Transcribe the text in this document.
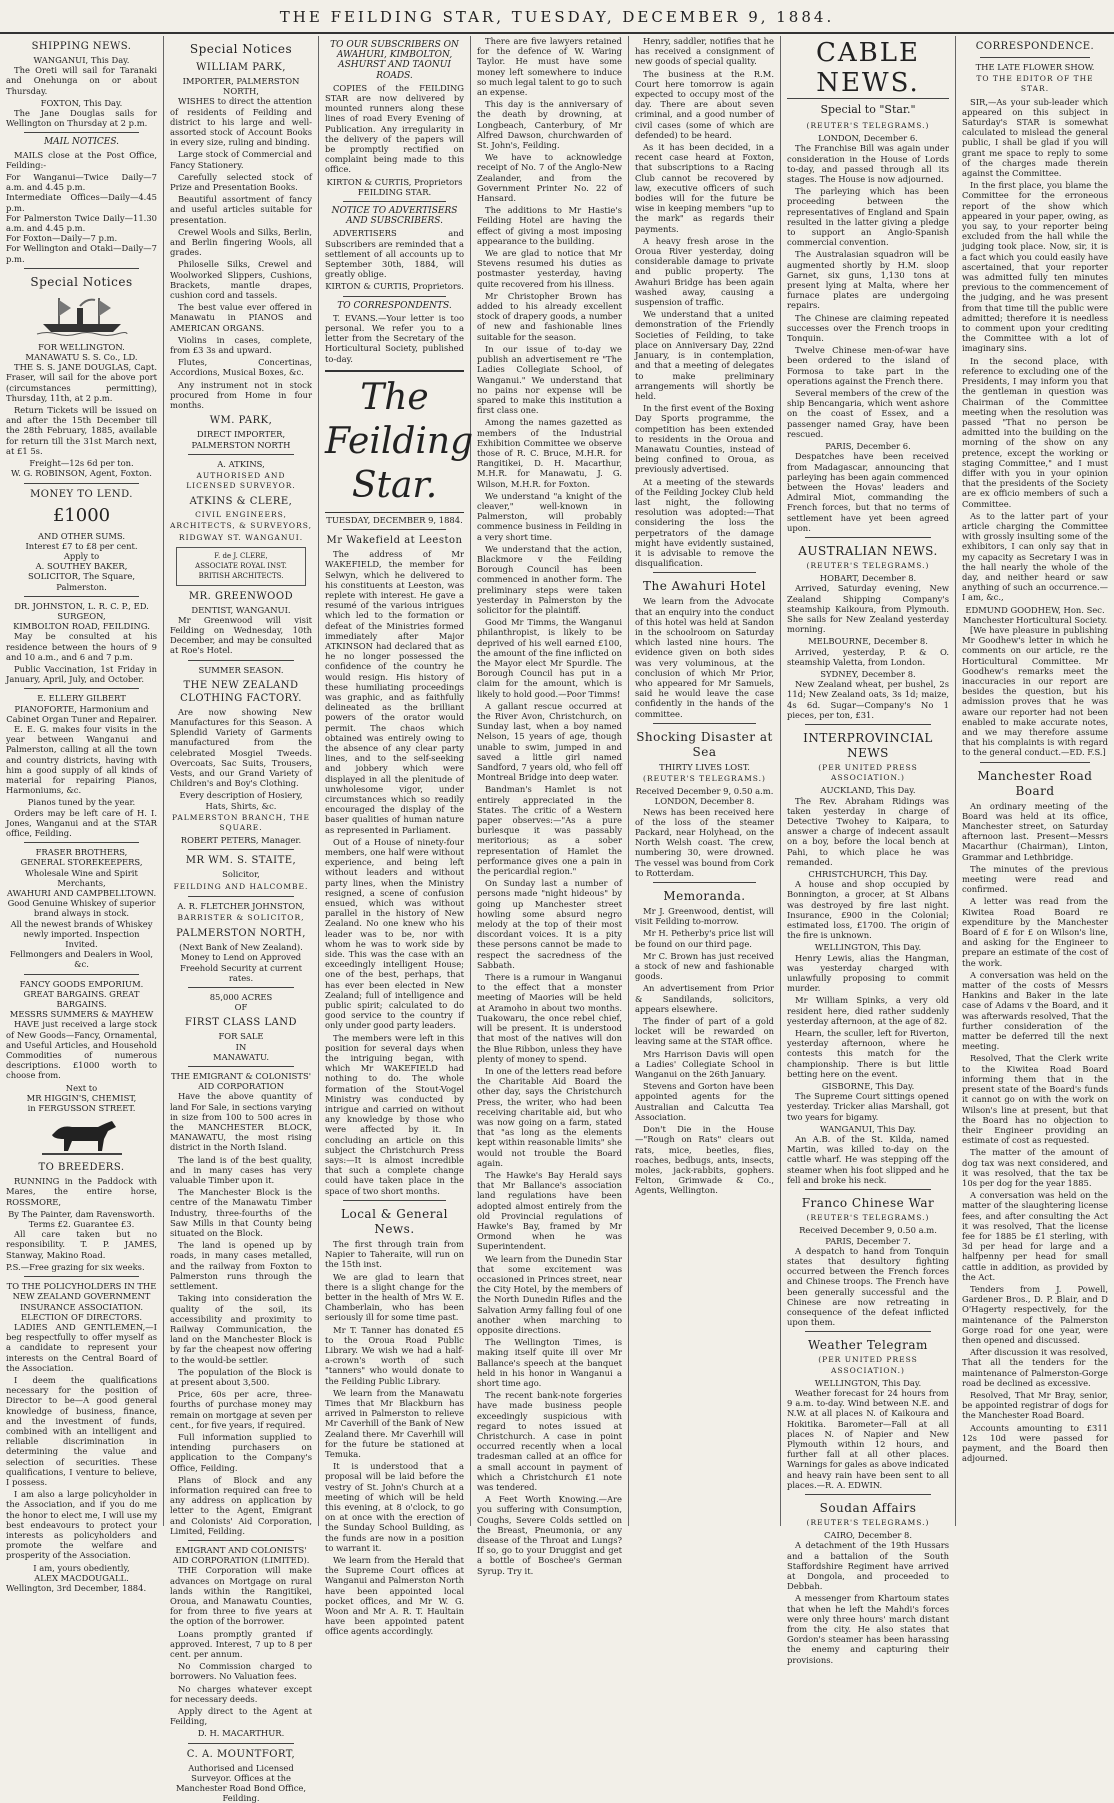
THE FEILDING STAR, TUESDAY, DECEMBER 9, 1884.
SHIPPING NEWS.
WANGANUI, This Day.
The Oreti will sail for Taranaki and Onehunga on or about Thursday.
FOXTON, This Day.
The Jane Douglas sails for Wellington on Thursday at 2 p.m.
MAIL NOTICES.
MAILS close at the Post Office, Feilding:-
For Wanganui—Twice Daily—7 a.m. and 4.45 p.m.
Intermediate Offices—Daily—4.45 p.m.
For Palmerston Twice Daily—11.30 a.m. and 4.45 p.m.
For Foxton—Daily—7 p.m.
For Wellington and Otaki—Daily—7 p.m.
Special Notices
FOR WELLINGTON.
MANAWATU S. S. Co., LD.
THE S. S. JANE DOUGLAS, Capt. Fraser, will sail for the above port (circumstances permitting), Thursday, 11th, at 2 p.m.
Return Tickets will be issued on and after the 15th December till the 28th February, 1885, available for return till the 31st March next, at £1 5s.
Freight—12s 6d per ton.
W. G. ROBINSON, Agent, Foxton.
MONEY TO LEND.
£1000
AND OTHER SUMS.
Interest £7 to £8 per cent.
Apply to
A. SOUTHEY BAKER,
SOLICITOR, The Square, Palmerston.
DR. JOHNSTON, L. R. C. P., ED. SURGEON,
KIMBOLTON ROAD, FEILDING.
May be consulted at his residence between the hours of 9 and 10 a.m., and 6 and 7 p.m.
Public Vaccination, 1st Friday in January, April, July, and October.
E. ELLERY GILBERT
PIANOFORTE, Harmonium and Cabinet Organ Tuner and Repairer.
E. E. G. makes four visits in the year between Wanganui and Palmerston, calling at all the town and country districts, having with him a good supply of all kinds of material for repairing Pianos, Harmoniums, &c.
Pianos tuned by the year.
Orders may be left care of H. I. Jones, Wanganui and at the STAR office, Feilding.
FRASER BROTHERS,
GENERAL STOREKEEPERS, Wholesale Wine and Spirit Merchants,
AWAHURI AND CAMPBELLTOWN. Good Genuine Whiskey of superior brand always in stock.
All the newest brands of Whiskey newly imported. Inspection Invited.
Fellmongers and Dealers in Wool, &c.
FANCY GOODS EMPORIUM.
GREAT BARGAINS. GREAT BARGAINS.
MESSRS SUMMERS & MAYHEW
HAVE just received a large stock of New Goods—Fancy, Ornamental, and Useful Articles, and Household Commodities of numerous descriptions. £1000 worth to choose from.
Next to
MR HIGGIN'S, CHEMIST,
in FERGUSSON STREET.
TO BREEDERS.
RUNNING in the Paddock with Mares, the entire horse, ROSSMORE,
By The Painter, dam Ravensworth.
Terms £2. Guarantee £3.
All care taken but no responsibility. T. P. JAMES, Stanway, Makino Road.
P.S.—Free grazing for six weeks.
TO THE POLICYHOLDERS IN THE NEW ZEALAND GOVERNMENT INSURANCE ASSOCIATION.
ELECTION OF DIRECTORS.
LADIES AND GENTLEMEN,—I beg respectfully to offer myself as a candidate to represent your interests on the Central Board of the Association.
I deem the qualifications necessary for the position of Director to be—A good general knowledge of business, finance, and the investment of funds, combined with an intelligent and reliable discrimination in determining the value and selection of securities. These qualifications, I venture to believe, I possess.
I am also a large policyholder in the Association, and if you do me the honor to elect me, I will use my best endeavours to protect your interests as policyholders and promote the welfare and prosperity of the Association.
I am, yours obediently,
ALEX MACDOUGALL.
Wellington, 3rd December, 1884.
Special Notices
WILLIAM PARK,
IMPORTER, PALMERSTON NORTH,
WISHES to direct the attention of residents of Feilding and district to his large and well-assorted stock of Account Books in every size, ruling and binding.
Large stock of Commercial and Fancy Stationery.
Carefully selected stock of Prize and Presentation Books.
Beautiful assortment of fancy and useful articles suitable for presentation.
Crewel Wools and Silks, Berlin, and Berlin fingering Wools, all grades.
Philoselle Silks, Crewel and Woolworked Slippers, Cushions, Brackets, mantle drapes, cushion cord and tassels.
The best value ever offered in Manawatu in PIANOS and AMERICAN ORGANS.
Violins in cases, complete, from £3 3s and upward.
Flutes, Concertinas, Accordions, Musical Boxes, &c.
Any instrument not in stock procured from Home in four months.
WM. PARK,
DIRECT IMPORTER,
PALMERSTON NORTH
A. ATKINS,
AUTHORISED AND LICENSED SURVEYOR.
ATKINS & CLERE,
CIVIL ENGINEERS, ARCHITECTS, & SURVEYORS,
RIDGWAY ST. WANGANUI.
F. de J. CLERE,
ASSOCIATE ROYAL INST. BRITISH ARCHITECTS.
MR. GREENWOOD
DENTIST, WANGANUI.
Mr Greenwood will visit Feilding on Wednesday, 10th December, and may be consulted at Roe's Hotel.
SUMMER SEASON.
THE NEW ZEALAND CLOTHING FACTORY.
Are now showing New Manufactures for this Season. A Splendid Variety of Garments manufactured from the celebrated Mosgiel Tweeds. Overcoats, Sac Suits, Trousers, Vests, and our Grand Variety of Children's and Boy's Clothing.
Every description of Hosiery, Hats, Shirts, &c.
PALMERSTON BRANCH, THE SQUARE.
ROBERT PETERS, Manager.
MR WM. S. STAITE,
Solicitor,
FEILDING AND HALCOMBE.
A. R. FLETCHER JOHNSTON,
BARRISTER & SOLICITOR,
PALMERSTON NORTH,
(Next Bank of New Zealand).
Money to Lend on Approved Freehold Security at current rates.
85,000 ACRES
OF
FIRST CLASS LAND
FOR SALE
IN
MANAWATU.
THE EMIGRANT & COLONISTS' AID CORPORATION
Have the above quantity of land For Sale, in sections varying in size from 100 to 500 acres in the MANCHESTER BLOCK, MANAWATU, the most rising district in the North Island.
The land is of the best quality, and in many cases has very valuable Timber upon it.
The Manchester Block is the centre of the Manawatu Timber Industry, three-fourths of the Saw Mills in that County being situated on the Block.
The land is opened up by roads, in many cases metalled, and the railway from Foxton to Palmerston runs through the settlement.
Taking into consideration the quality of the soil, its accessibility and proximity to Railway Communication, the land on the Manchester Block is by far the cheapest now offering to the would-be settler.
The population of the Block is at present about 3,500.
Price, 60s per acre, three-fourths of purchase money may remain on mortgage at seven per cent., for five years, if required.
Full information supplied to intending purchasers on application to the Company's Office, Feilding.
Plans of Block and any information required can free to any address on application by letter to the Agent, Emigrant and Colonists' Aid Corporation, Limited, Feilding.
EMIGRANT AND COLONISTS' AID CORPORATION (LIMITED).
THE Corporation will make advances on Mortgage on rural lands within the Rangitikei, Oroua, and Manawatu Counties, for from three to five years at the option of the borrower.
Loans promptly granted if approved. Interest, 7 up to 8 per cent. per annum.
No Commission charged to borrowers. No Valuation fees.
No charges whatever except for necessary deeds.
Apply direct to the Agent at Feilding,
D. H. MACARTHUR.
C. A. MOUNTFORT,
Authorised and Licensed Surveyor. Offices at the Manchester Road Bond Office, Feilding.
TO OUR SUBSCRIBERS ON AWAHURI, KIMBOLTON, ASHURST AND TAONUI ROADS.
COPIES of the FEILDING STAR are now delivered by mounted runners along these lines of road Every Evening of Publication. Any irregularity in the delivery of the papers will be promptly rectified on complaint being made to this office.
KIRTON & CURTIS, Proprietors FEILDING STAR.
NOTICE TO ADVERTISERS AND SUBSCRIBERS.
ADVERTISERS and Subscribers are reminded that a settlement of all accounts up to September 30th, 1884, will greatly oblige.
KIRTON & CURTIS, Proprietors.
TO CORRESPONDENTS.
T. EVANS.—Your letter is too personal. We refer you to a letter from the Secretary of the Horticultural Society, published to-day.
The Feilding Star.
TUESDAY, DECEMBER 9, 1884.
Mr Wakefield at Leeston
The address of Mr WAKEFIELD, the member for Selwyn, which he delivered to his constituents at Leeston, was replete with interest. He gave a resumé of the various intrigues which led to the formation or defeat of the Ministries formed immediately after Major ATKINSON had declared that as he no longer possessed the confidence of the country he would resign. His history of these humiliating proceedings was graphic, and as faithfully delineated as the brilliant powers of the orator would permit. The chaos which obtained was entirely owing to the absence of any clear party lines, and to the self-seeking and jobbery which were displayed in all the plenitude of unwholesome vigor, under circumstances which so readily encouraged the display of the baser qualities of human nature as represented in Parliament.
Out of a House of ninety-four members, one half were without experience, and being left without leaders and without party lines, when the Ministry resigned, a scene of confusion ensued, which was without parallel in the history of New Zealand. No one knew who his leader was to be, nor with whom he was to work side by side. This was the case with an exceedingly intelligent House; one of the best, perhaps, that has ever been elected in New Zealand; full of intelligence and public spirit; calculated to do good service to the country if only under good party leaders.
The members were left in this position for several days when the intriguing began, with which Mr WAKEFIELD had nothing to do. The whole formation of the Stout-Vogel Ministry was conducted by intrigue and carried on without any knowledge by those who were affected by it. In concluding an article on this subject the Christchurch Press says:—It is almost incredible that such a complete change could have taken place in the space of two short months.
Local & General News.
The first through train from Napier to Taheraite, will run on the 15th inst.
We are glad to learn that there is a slight change for the better in the health of Mrs W. E. Chamberlain, who has been seriously ill for some time past.
Mr T. Tanner has donated £5 to the Oroua Road Public Library. We wish we had a half-a-crown's worth of such "tanners" who would donate to the Feilding Public Library.
We learn from the Manawatu Times that Mr Blackburn has arrived in Palmerston to relieve Mr Caverhill of the Bank of New Zealand there. Mr Caverhill will for the future be stationed at Temuka.
It is understood that a proposal will be laid before the vestry of St. John's Church at a meeting of which will be held this evening, at 8 o'clock, to go on at once with the erection of the Sunday School Building, as the funds are now in a position to warrant it.
We learn from the Herald that the Supreme Court offices at Wanganui and Palmerston North have been appointed local pocket offices, and Mr W. G. Woon and Mr A. R. T. Haultain have been appointed patent office agents accordingly.
There are five lawyers retained for the defence of W. Waring Taylor. He must have some money left somewhere to induce so much legal talent to go to such an expense.
This day is the anniversary of the death by drowning, at Longbeach, Canterbury, of Mr Alfred Dawson, churchwarden of St. John's, Feilding.
We have to acknowledge receipt of No. 7 of the Anglo-New Zealander, and from the Government Printer No. 22 of Hansard.
The additions to Mr Hastie's Feilding Hotel are having the effect of giving a most imposing appearance to the building.
We are glad to notice that Mr Stevens resumed his duties as postmaster yesterday, having quite recovered from his illness.
Mr Christopher Brown has added to his already excellent stock of drapery goods, a number of new and fashionable lines suitable for the season.
In our issue of to-day we publish an advertisement re "The Ladies Collegiate School, of Wanganui." We understand that no pains nor expense will be spared to make this institution a first class one.
Among the names gazetted as members of the Industrial Exhibition Committee we observe those of R. C. Bruce, M.H.R. for Rangitikei, D. H. Macarthur, M.H.R. for Manawatu, J. G. Wilson, M.H.R. for Foxton.
We understand "a knight of the cleaver," well-known in Palmerston, will probably commence business in Feilding in a very short time.
We understand that the action, Blackmore v the Feilding Borough Council has been commenced in another form. The preliminary steps were taken yesterday in Palmerston by the solicitor for the plaintiff.
Good Mr Timms, the Wanganui philanthropist, is likely to be deprived of his well earned £100, the amount of the fine inflicted on the Mayor elect Mr Spurdle. The Borough Council has put in a claim for the amount, which is likely to hold good.—Poor Timms!
A gallant rescue occurred at the River Avon, Christchurch, on Sunday last, when a boy named Nelson, 15 years of age, though unable to swim, jumped in and saved a little girl named Sandford, 7 years old, who fell off Montreal Bridge into deep water.
Bandman's Hamlet is not entirely appreciated in the States. The critic of a Western paper observes:—"As a pure burlesque it was passably meritorious; as a sober representation of Hamlet the performance gives one a pain in the pericardial region."
On Sunday last a number of persons made "night hideous" by going up Manchester street howling some absurd negro melody at the top of their most discordant voices. It is a pity these persons cannot be made to respect the sacredness of the Sabbath.
There is a rumour in Wanganui to the effect that a monster meeting of Maories will be held at Aramoho in about two months. Tuakowaru, the once rebel chief, will be present. It is understood that most of the natives will don the Blue Ribbon, unless they have plenty of money to spend.
In one of the letters read before the Charitable Aid Board the other day, says the Christchurch Press, the writer, who had been receiving charitable aid, but who was now going on a farm, stated that "as long as the elements kept within reasonable limits" she would not trouble the Board again.
The Hawke's Bay Herald says that Mr Ballance's association land regulations have been adopted almost entirely from the old Provincial regulations of Hawke's Bay, framed by Mr Ormond when he was Superintendent.
We learn from the Dunedin Star that some excitement was occasioned in Princes street, near the City Hotel, by the members of the North Dunedin Rifles and the Salvation Army falling foul of one another when marching to opposite directions.
The Wellington Times, is making itself quite ill over Mr Ballance's speech at the banquet held in his honor in Wanganui a short time ago.
The recent bank-note forgeries have made business people exceedingly suspicious with regard to notes issued at Christchurch. A case in point occurred recently when a local tradesman called at an office for a small account in payment of which a Christchurch £1 note was tendered.
A Feet Worth Knowing.—Are you suffering with Consumption, Coughs, Severe Colds settled on the Breast, Pneumonia, or any disease of the Throat and Lungs? If so, go to your Druggist and get a bottle of Boschee's German Syrup. Try it.
Henry, saddler, notifies that he has received a consignment of new goods of special quality.
The business at the R.M. Court here tomorrow is again expected to occupy most of the day. There are about seven criminal, and a good number of civil cases (some of which are defended) to be heard.
As it has been decided, in a recent case heard at Foxton, that subscriptions to a Racing Club cannot be recovered by law, executive officers of such bodies will for the future be wise in keeping members "up to the mark" as regards their payments.
A heavy fresh arose in the Oroua River yesterday, doing considerable damage to private and public property. The Awahuri Bridge has been again washed away, causing a suspension of traffic.
We understand that a united demonstration of the Friendly Societies of Feilding, to take place on Anniversary Day, 22nd January, is in contemplation, and that a meeting of delegates to make preliminary arrangements will shortly be held.
In the first event of the Boxing Day Sports programme, the competition has been extended to residents in the Oroua and Manawatu Counties, instead of being confined to Oroua, as previously advertised.
At a meeting of the stewards of the Feilding Jockey Club held last night, the following resolution was adopted:—That considering the loss the perpetrators of the damage might have evidently sustained, it is advisable to remove the disqualification.
The Awahuri Hotel
We learn from the Advocate that an enquiry into the conduct of this hotel was held at Sandon in the schoolroom on Saturday which lasted nine hours. The evidence given on both sides was very voluminous, at the conclusion of which Mr Prior, who appeared for Mr Samuels, said he would leave the case confidently in the hands of the committee.
Shocking Disaster at Sea
THIRTY LIVES LOST.
(REUTER'S TELEGRAMS.)
Received December 9, 0.50 a.m.
LONDON, December 8.
News has been received here of the loss of the steamer Packard, near Holyhead, on the North Welsh coast. The crew, numbering 30, were drowned. The vessel was bound from Cork to Rotterdam.
Memoranda.
Mr J. Greenwood, dentist, will visit Feilding to-morrow.
Mr H. Petherby's price list will be found on our third page.
Mr C. Brown has just received a stock of new and fashionable goods.
An advertisement from Prior & Sandilands, solicitors, appears elsewhere.
The finder of part of a gold locket will be rewarded on leaving same at the STAR office.
Mrs Harrison Davis will open a Ladies' Collegiate School in Wanganui on the 26th January.
Stevens and Gorton have been appointed agents for the Australian and Calcutta Tea Association.
Don't Die in the House—"Rough on Rats" clears out rats, mice, beetles, flies, roaches, bedbugs, ants, insects, moles, jack-rabbits, gophers. Felton, Grimwade & Co., Agents, Wellington.
CABLE NEWS.
Special to "Star."
(REUTER'S TELEGRAMS.)
LONDON, December 6.
The Franchise Bill was again under consideration in the House of Lords to-day, and passed through all its stages. The House is now adjourned.
The parleying which has been proceeding between the representatives of England and Spain resulted in the latter giving a pledge to support an Anglo-Spanish commercial convention.
The Australasian squadron will be augmented shortly by H.M. sloop Garnet, six guns, 1,130 tons at present lying at Malta, where her furnace plates are undergoing repairs.
The Chinese are claiming repeated successes over the French troops in Tonquin.
Twelve Chinese men-of-war have been ordered to the island of Formosa to take part in the operations against the French there.
Several members of the crew of the ship Bencangaria, which went ashore on the coast of Essex, and a passenger named Gray, have been rescued.
PARIS, December 6.
Despatches have been received from Madagascar, announcing that parleying has been again commenced between the Hovas' leaders and Admiral Miot, commanding the French forces, but that no terms of settlement have yet been agreed upon.
AUSTRALIAN NEWS.
(REUTER'S TELEGRAMS.)
HOBART, December 8.
Arrived, Saturday evening, New Zealand Shipping Company's steamship Kaikoura, from Plymouth. She sails for New Zealand yesterday morning.
MELBOURNE, December 8.
Arrived, yesterday, P. & O. steamship Valetta, from London.
SYDNEY, December 8.
New Zealand wheat, per bushel, 2s 11d; New Zealand oats, 3s 1d; maize, 4s 6d. Sugar—Company's No 1 pieces, per ton, £31.
INTERPROVINCIAL NEWS
(PER UNITED PRESS ASSOCIATION.)
AUCKLAND, This Day.
The Rev. Abraham Ridings was taken yesterday in charge of Detective Twohey to Kaipara, to answer a charge of indecent assault on a boy, before the local bench at Pahi, to which place he was remanded.
CHRISTCHURCH, This Day.
A house and shop occupied by Bonnington, a grocer, at St Albans was destroyed by fire last night. Insurance, £900 in the Colonial; estimated loss, £1700. The origin of the fire is unknown.
WELLINGTON, This Day.
Henry Lewis, alias the Hangman, was yesterday charged with unlawfully proposing to commit murder.
Mr William Spinks, a very old resident here, died rather suddenly yesterday afternoon, at the age of 82.
Hearn, the sculler, left for Riverton, yesterday afternoon, where he contests this match for the championship. There is but little betting here on the event.
GISBORNE, This Day.
The Supreme Court sittings opened yesterday. Tricker alias Marshall, got two years for bigamy.
WANGANUI, This Day.
An A.B. of the St. Kilda, named Martin, was killed to-day on the cattle wharf. He was stepping off the steamer when his foot slipped and he fell and broke his neck.
Franco Chinese War
(REUTER'S TELEGRAMS.)
Received December 9, 0.50 a.m.
PARIS, December 7.
A despatch to hand from Tonquin states that desultory fighting occurred between the French forces and Chinese troops. The French have been generally successful and the Chinese are now retreating in consequence of the defeat inflicted upon them.
Weather Telegram
(PER UNITED PRESS ASSOCIATION.)
WELLINGTON, This Day.
Weather forecast for 24 hours from 9 a.m. to-day. Wind between N.E. and N.W. at all places N. of Kaikoura and Hokitika. Barometer—Fall at all places N. of Napier and New Plymouth within 12 hours, and further fall at all other places. Warnings for gales as above indicated and heavy rain have been sent to all places.—R. A. EDWIN.
Soudan Affairs
(REUTER'S TELEGRAMS.)
CAIRO, December 8.
A detachment of the 19th Hussars and a battalion of the South Staffordshire Regiment have arrived at Dongola, and proceeded to Debbah.
A messenger from Khartoum states that when he left the Mahdi's forces were only three hours' march distant from the city. He also states that Gordon's steamer has been harassing the enemy and capturing their provisions.
CORRESPONDENCE.
THE LATE FLOWER SHOW.
TO THE EDITOR OF THE STAR.
SIR,—As your sub-leader which appeared on this subject in Saturday's STAR is somewhat calculated to mislead the general public, I shall be glad if you will grant me space to reply to some of the charges made therein against the Committee.
In the first place, you blame the Committee for the erroneous report of the show which appeared in your paper, owing, as you say, to your reporter being excluded from the hall while the judging took place. Now, sir, it is a fact which you could easily have ascertained, that your reporter was admitted fully ten minutes previous to the commencement of the judging, and he was present from that time till the public were admitted; therefore it is needless to comment upon your crediting the Committee with a lot of imaginary sins.
In the second place, with reference to excluding one of the Presidents, I may inform you that the gentleman in question was Chairman of the Committee meeting when the resolution was passed "That no person be admitted into the building on the morning of the show on any pretence, except the working or staging Committee," and I must differ with you in your opinion that the presidents of the Society are ex officio members of such a Committee.
As to the latter part of your article charging the Committee with grossly insulting some of the exhibitors, I can only say that in my capacity as Secretary I was in the hall nearly the whole of the day, and neither heard or saw anything of such an occurrence.—I am, &c.,
EDMUND GOODHEW, Hon. Sec. Manchester Horticultural Society.
[We have pleasure in publishing Mr Goodhew's letter in which he comments on our article, re the Horticultural Committee. Mr Goodhew's remarks meet the inaccuracies in our report are besides the question, but his admission proves that he was aware our reporter had not been enabled to make accurate notes, and we may therefore assume that his complaints is with regard to the general conduct.—ED. F.S.]
Manchester Road Board
An ordinary meeting of the Board was held at its office, Manchester street, on Saturday afternoon last. Present—Messrs Macarthur (Chairman), Linton, Grammar and Lethbridge.
The minutes of the previous meeting were read and confirmed.
A letter was read from the Kiwitea Road Board re expenditure by the Manchester Board of £ for £ on Wilson's line, and asking for the Engineer to prepare an estimate of the cost of the work.
A conversation was held on the matter of the costs of Messrs Hankins and Baker in the late case of Adams v the Board, and it was afterwards resolved, That the further consideration of the matter be deferred till the next meeting.
Resolved, That the Clerk write to the Kiwitea Road Board informing them that in the present state of the Board's funds it cannot go on with the work on Wilson's line at present, but that the Board has no objection to their Engineer providing an estimate of cost as requested.
The matter of the amount of dog tax was next considered, and it was resolved, that the tax be 10s per dog for the year 1885.
A conversation was held on the matter of the slaughtering license fees, and after consulting the Act it was resolved, That the license fee for 1885 be £1 sterling, with 3d per head for large and a halfpenny per head for small cattle in addition, as provided by the Act.
Tenders from J. Powell, Gardener Bros., D. P. Blair, and D O'Hagerty respectively, for the maintenance of the Palmerston Gorge road for one year, were then opened and discussed.
After discussion it was resolved, That all the tenders for the maintenance of Palmerston-Gorge road be declined as excessive.
Resolved, That Mr Bray, senior, be appointed registrar of dogs for the Manchester Road Board.
Accounts amounting to £311 12s 10d were passed for payment, and the Board then adjourned.
